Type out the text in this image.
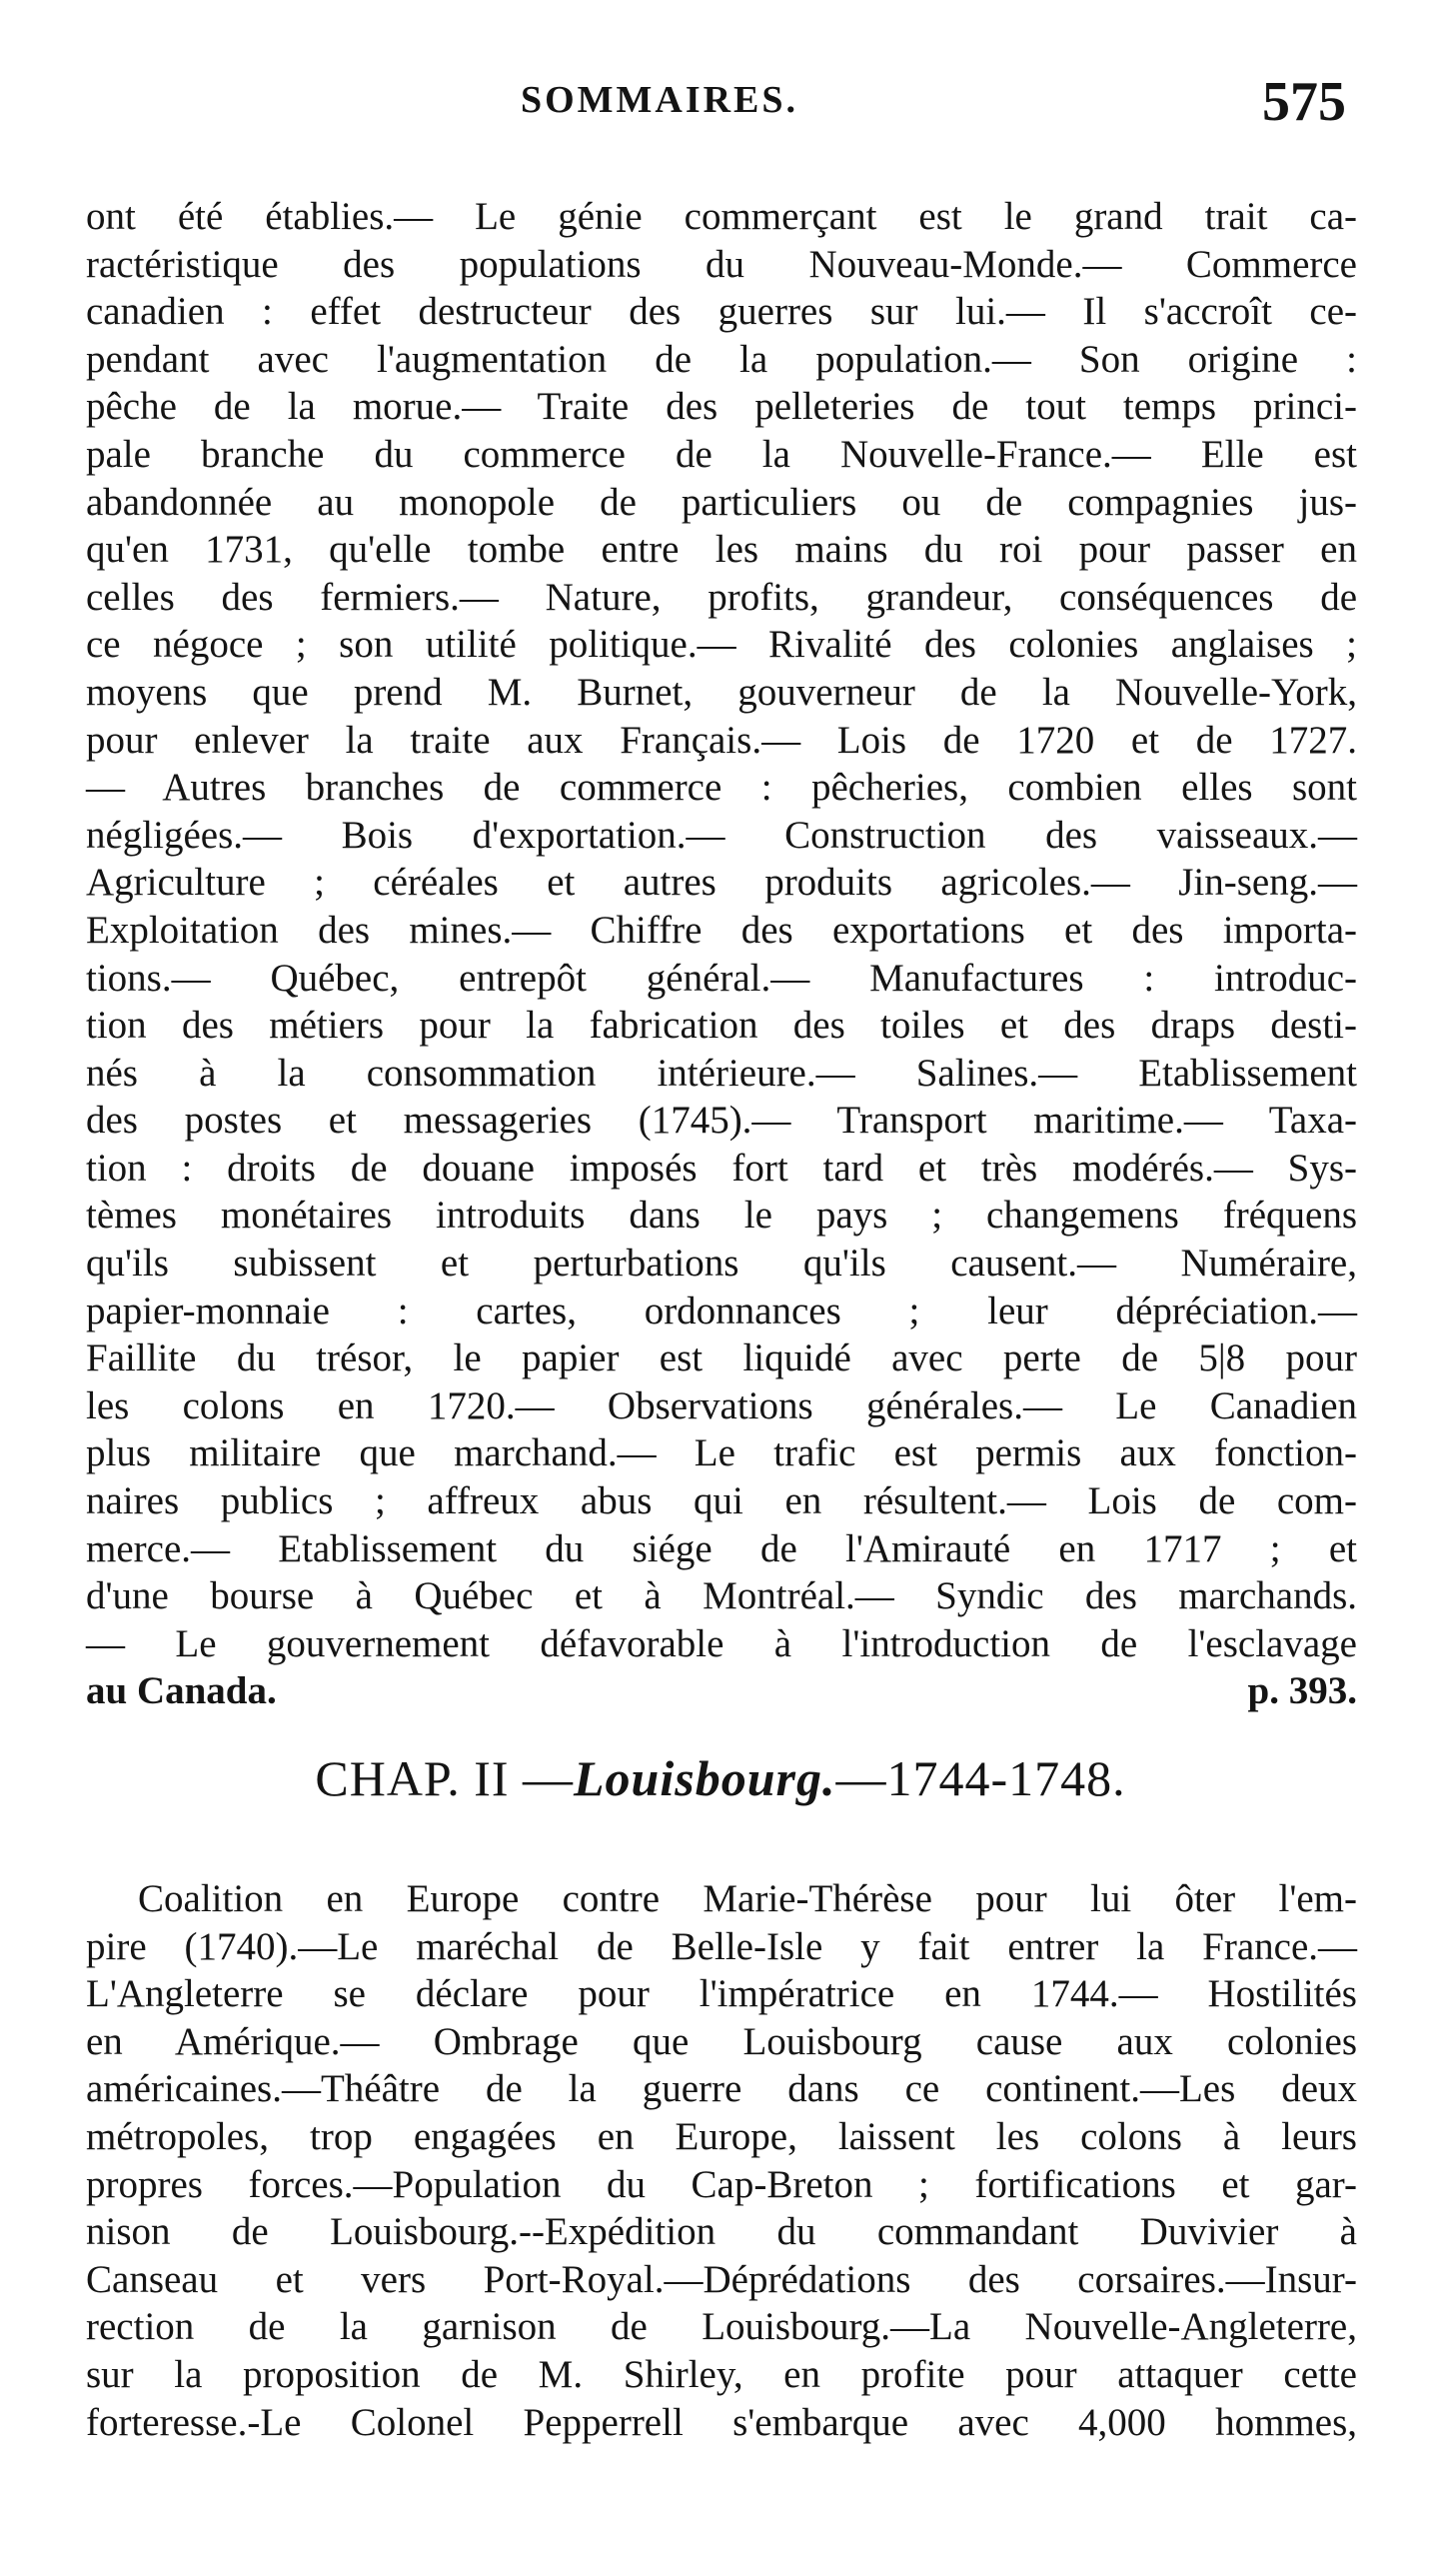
SOMMAIRES.	575
ont été établies.— Le génie commerçant est le grand trait ca-
ractéristique des populations du Nouveau-Monde.— Commerce
canadien : effet destructeur des guerres sur lui.— Il s'accroît ce-
pendant avec l'augmentation de la population.— Son origine :
pêche de la morue.— Traite des pelleteries de tout temps princi-
pale branche du commerce de la Nouvelle-France.— Elle est
abandonnée au monopole de particuliers ou de compagnies jus-
qu'en 1731, qu'elle tombe entre les mains du roi pour passer en
celles des fermiers.— Nature, profits, grandeur, conséquences de
ce négoce ; son utilité politique.— Rivalité des colonies anglaises ;
moyens que prend M. Burnet, gouverneur de la Nouvelle-York,
pour enlever la traite aux Français.— Lois de 1720 et de 1727.
— Autres branches de commerce : pêcheries, combien elles sont
négligées.— Bois d'exportation.— Construction des vaisseaux.—
Agriculture ; céréales et autres produits agricoles.— Jin-seng.—
Exploitation des mines.— Chiffre des exportations et des importa-
tions.— Québec, entrepôt général.— Manufactures : introduc-
tion des métiers pour la fabrication des toiles et des draps desti-
nés à la consommation intérieure.— Salines.— Etablissement
des postes et messageries (1745).— Transport maritime.— Taxa-
tion : droits de douane imposés fort tard et très modérés.— Sys-
tèmes monétaires introduits dans le pays ; changemens fréquens
qu'ils subissent et perturbations qu'ils causent.— Numéraire,
papier-monnaie : cartes, ordonnances ; leur dépréciation.—
Faillite du trésor, le papier est liquidé avec perte de 5|8 pour
les colons en 1720.— Observations générales.— Le Canadien
plus militaire que marchand.— Le trafic est permis aux fonction-
naires publics ; affreux abus qui en résultent.— Lois de com-
merce.— Etablissement du siége de l'Amirauté en 1717 ; et
d'une bourse à Québec et à Montréal.— Syndic des marchands.
— Le gouvernement défavorable à l'introduction de l'esclavage
au Canada.	p. 393.
CHAP. II —Louisbourg.—1744-1748.
Coalition en Europe contre Marie-Thérèse pour lui ôter l'em-
pire (1740).—Le maréchal de Belle-Isle y fait entrer la France.—
L'Angleterre se déclare pour l'impératrice en 1744.— Hostilités
en Amérique.— Ombrage que Louisbourg cause aux colonies
américaines.—Théâtre de la guerre dans ce continent.—Les deux
métropoles, trop engagées en Europe, laissent les colons à leurs
propres forces.—Population du Cap-Breton ; fortifications et gar-
nison de Louisbourg.--Expédition du commandant Duvivier à
Canseau et vers Port-Royal.—Déprédations des corsaires.—Insur-
rection de la garnison de Louisbourg.—La Nouvelle-Angleterre,
sur la proposition de M. Shirley, en profite pour attaquer cette
forteresse.-Le Colonel Pepperrell s'embarque avec 4,000 hommes,
